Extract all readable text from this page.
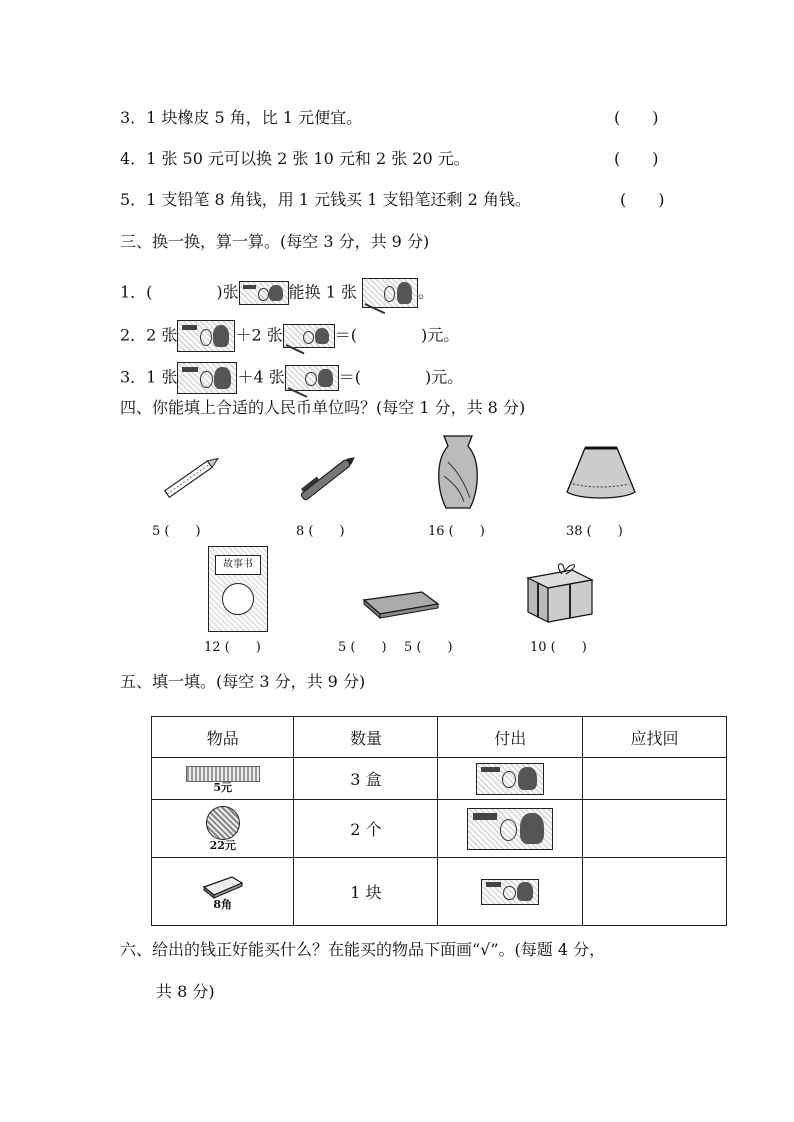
3．1 块橡皮 5 角，比 1 元便宜。	(　　)
4．1 张 50 元可以换 2 张 10 元和 2 张 20 元。	(　　)
5．1 支铅笔 8 角钱，用 1 元钱买 1 支铅笔还剩 2 角钱。	(　　)
三、换一换，算一算。(每空 3 分，共 9 分)
1．(　　　　)张	能换 1 张	。
2．2 张	＋2 张	＝(　　　　)元。
3．1 张	＋4 张	＝(　　　　)元。
四、你能填上合适的人民币单位吗？(每空 1 分，共 8 分)
5 (　　)	8 (　　)	16 (　　)	38 (　　)
故事书
12 (　　)	5 (　　) 5 (　　)	10 (　　)
五、填一填。(每空 3 分，共 9 分)
物品	数量	付出	应找回

5元	3 盒	

22元	2 个	

8角	1 块	

六、给出的钱正好能买什么？在能买的物品下面画“√”。(每题 4 分，
共 8 分)
